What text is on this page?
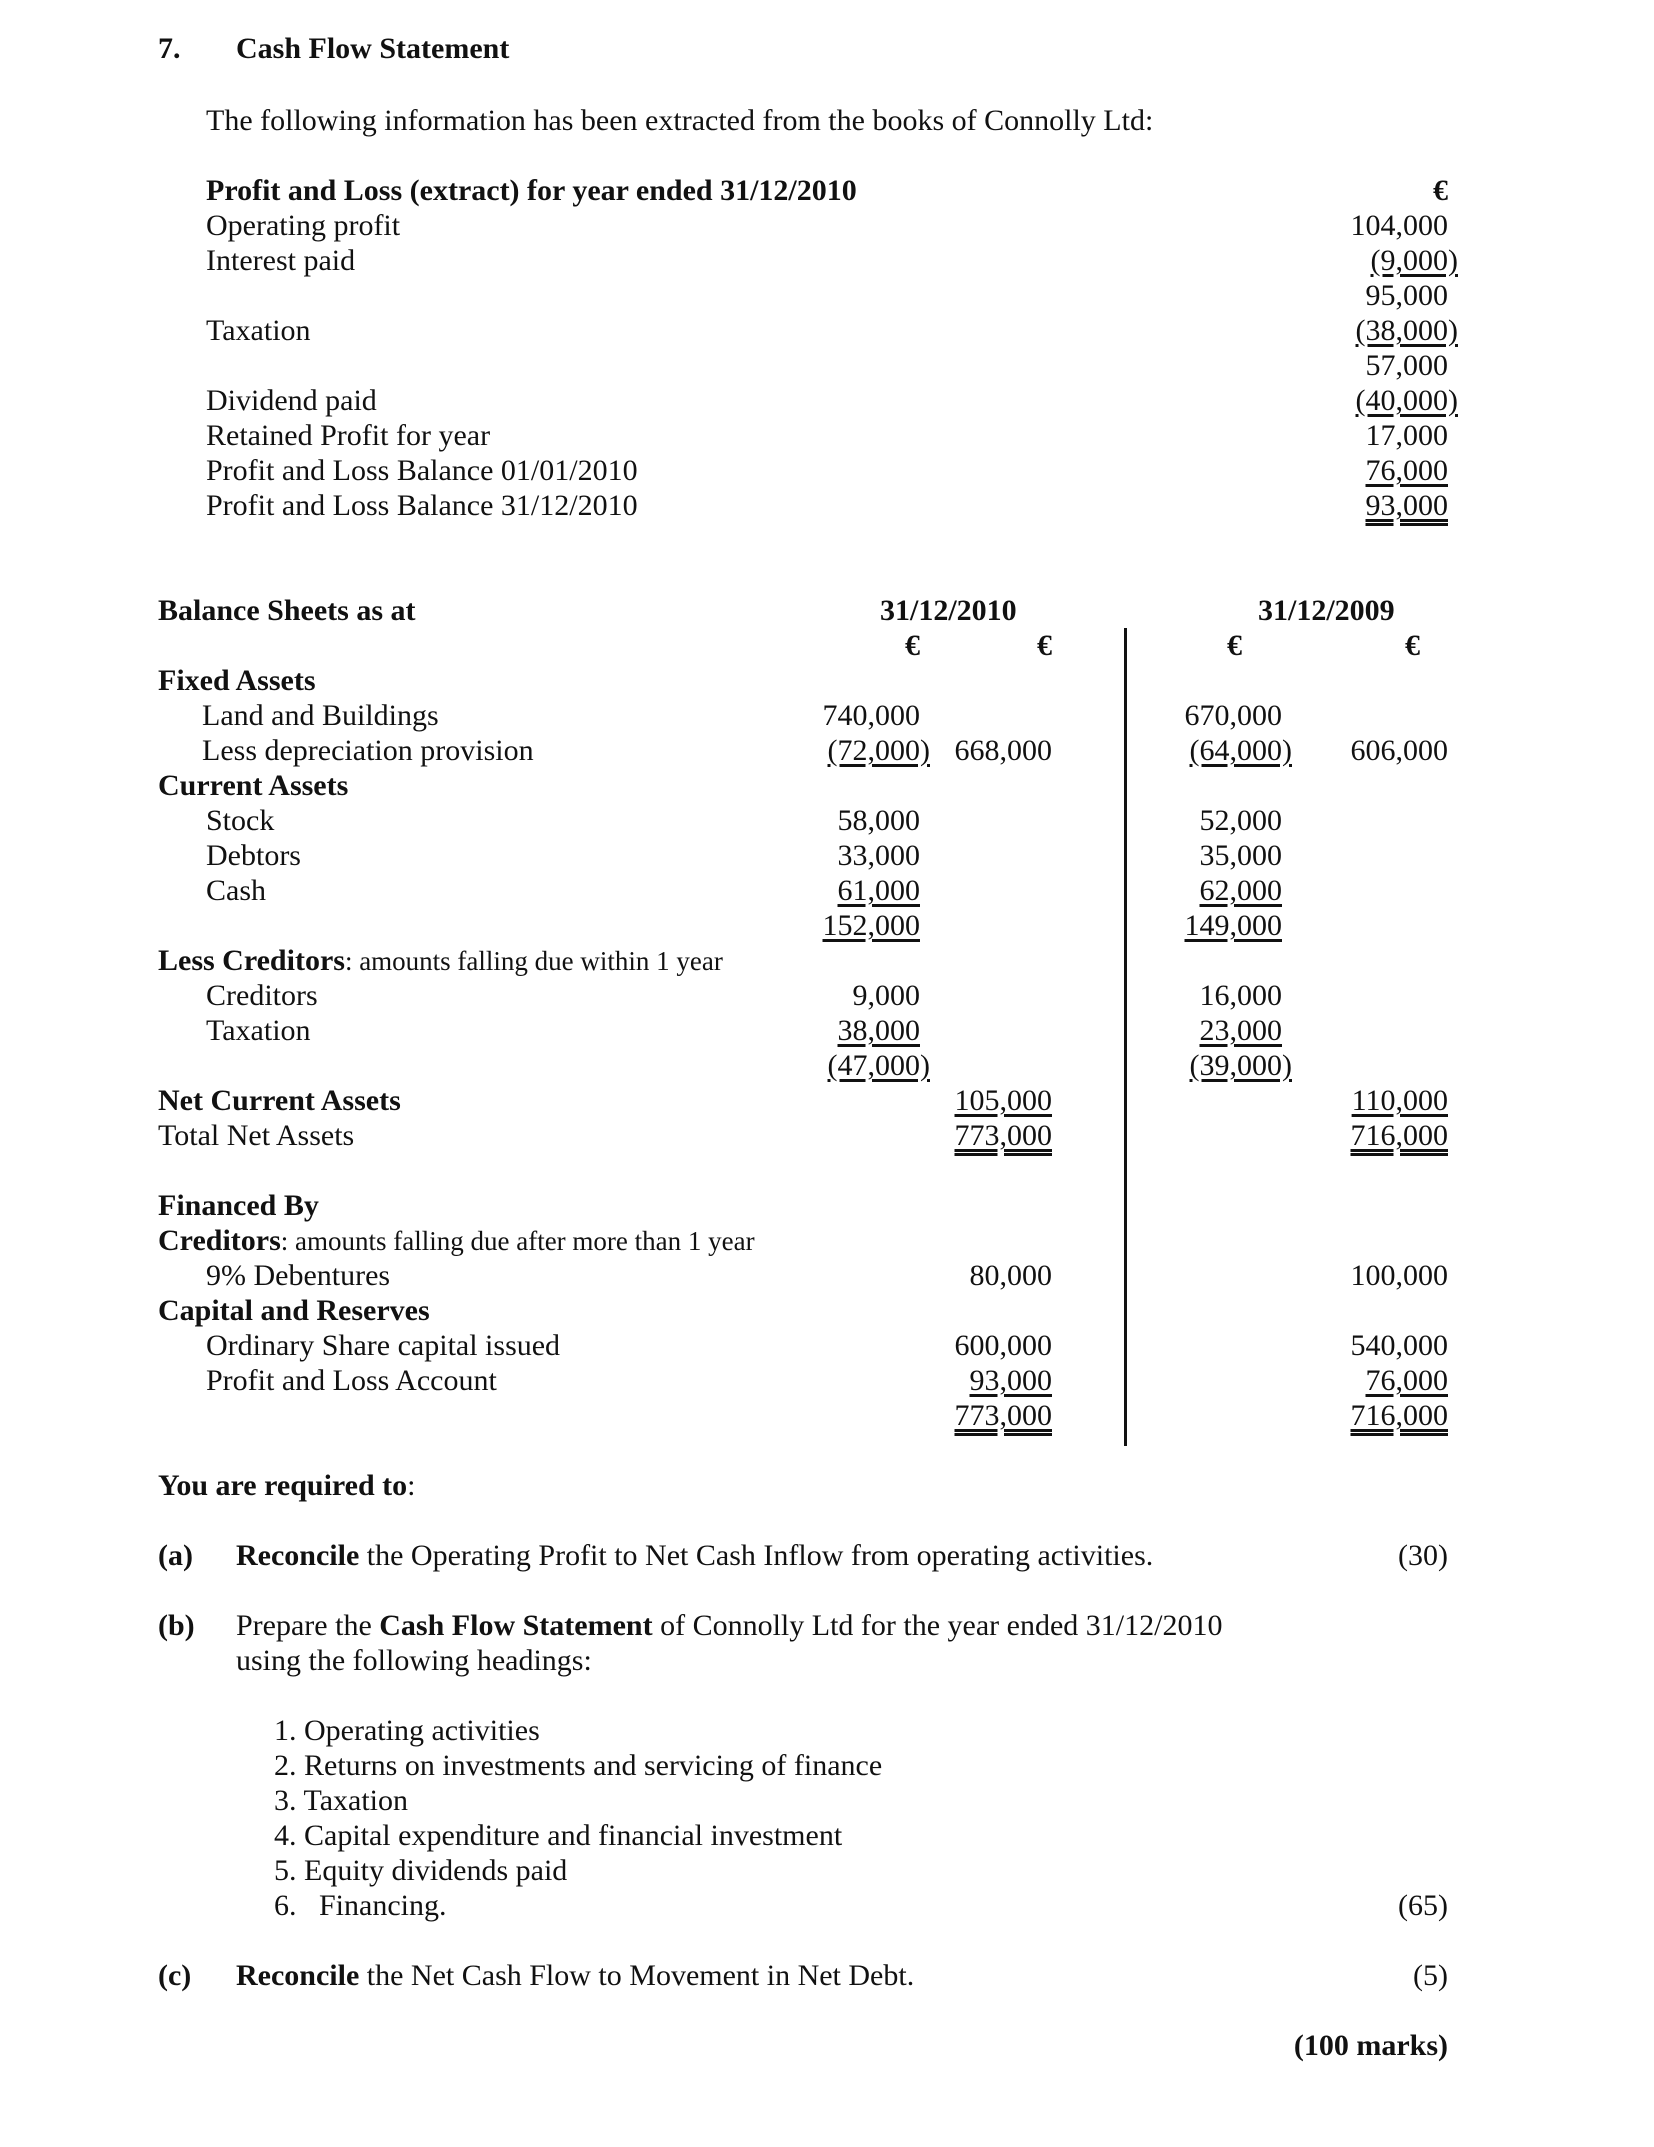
7. Cash Flow Statement
The following information has been extracted from the books of Connolly Ltd:
Profit and Loss (extract) for year ended 31/12/2010	€
Operating profit	104,000
Interest paid	(9,000)
95,000
Taxation	(38,000)
57,000
Dividend paid	(40,000)
Retained Profit for year	17,000
Profit and Loss Balance 01/01/2010	76,000
Profit and Loss Balance 31/12/2010	93,000
Balance Sheets as at	31/12/2010	31/12/2009
€	€	€	€
Fixed Assets
Land and Buildings	740,000	670,000
Less depreciation provision	(72,000) 668,000	(64,000)	606,000
Current Assets
Stock	58,000	52,000
Debtors	33,000	35,000
Cash	61,000	62,000
152,000	149,000
Less Creditors: amounts falling due within 1 year
Creditors	9,000	16,000
Taxation	38,000	23,000
(47,000)	(39,000)
Net Current Assets	105,000	110,000
Total Net Assets	773,000	716,000
Financed By
Creditors: amounts falling due after more than 1 year
9% Debentures	80,000	100,000
Capital and Reserves
Ordinary Share capital issued	600,000	540,000
Profit and Loss Account	93,000	76,000
773,000	716,000
You are required to:
(a) Reconcile the Operating Profit to Net Cash Inflow from operating activities.	(30)
(b) Prepare the Cash Flow Statement of Connolly Ltd for the year ended 31/12/2010
using the following headings:
1. Operating activities
2. Returns on investments and servicing of finance
3. Taxation
4. Capital expenditure and financial investment
5. Equity dividends paid
6.   Financing.	(65)
(c) Reconcile the Net Cash Flow to Movement in Net Debt.	(5)
(100 marks)
